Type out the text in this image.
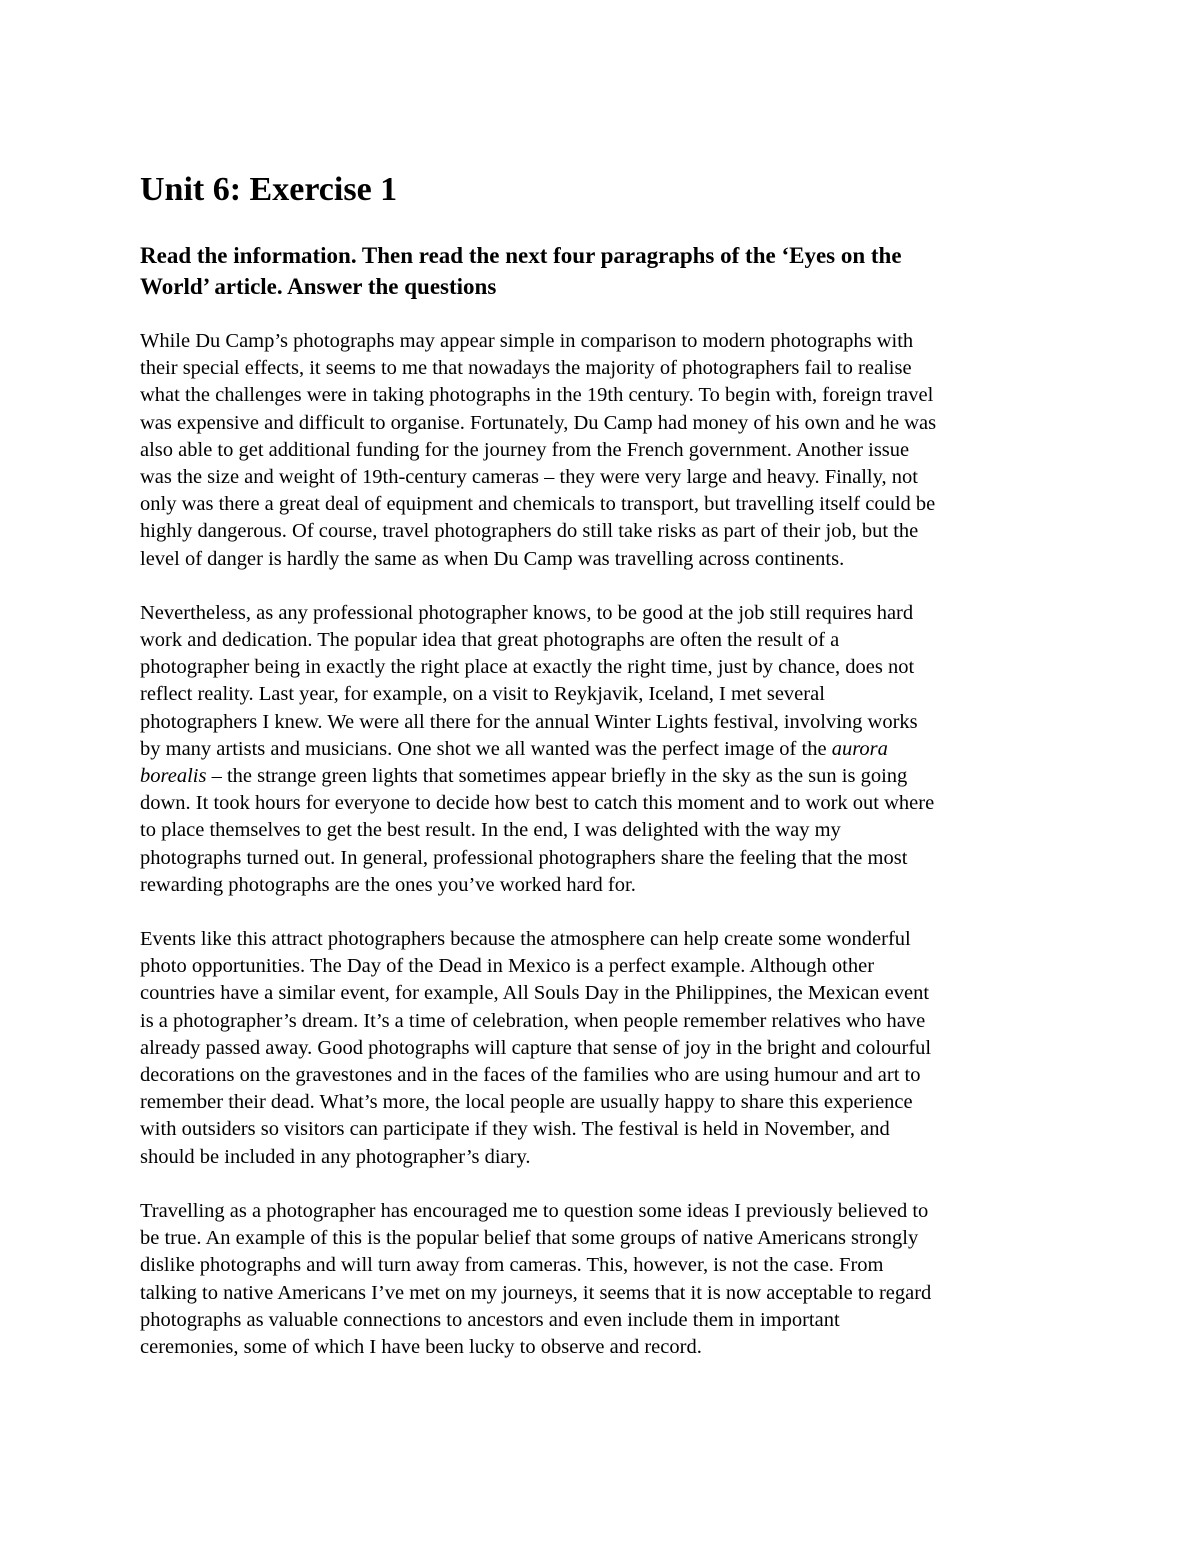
Unit 6: Exercise 1

Read the information. Then read the next four paragraphs of the ‘Eyes on the
World’ article. Answer the questions

While Du Camp’s photographs may appear simple in comparison to modern photographs with
their special effects, it seems to me that nowadays the majority of photographers fail to realise
what the challenges were in taking photographs in the 19th century. To begin with, foreign travel
was expensive and difficult to organise. Fortunately, Du Camp had money of his own and he was
also able to get additional funding for the journey from the French government. Another issue
was the size and weight of 19th-century cameras – they were very large and heavy. Finally, not
only was there a great deal of equipment and chemicals to transport, but travelling itself could be
highly dangerous. Of course, travel photographers do still take risks as part of their job, but the
level of danger is hardly the same as when Du Camp was travelling across continents.

Nevertheless, as any professional photographer knows, to be good at the job still requires hard
work and dedication. The popular idea that great photographs are often the result of a
photographer being in exactly the right place at exactly the right time, just by chance, does not
reflect reality. Last year, for example, on a visit to Reykjavik, Iceland, I met several
photographers I knew. We were all there for the annual Winter Lights festival, involving works
by many artists and musicians. One shot we all wanted was the perfect image of the aurora
borealis – the strange green lights that sometimes appear briefly in the sky as the sun is going
down. It took hours for everyone to decide how best to catch this moment and to work out where
to place themselves to get the best result. In the end, I was delighted with the way my
photographs turned out. In general, professional photographers share the feeling that the most
rewarding photographs are the ones you’ve worked hard for.

Events like this attract photographers because the atmosphere can help create some wonderful
photo opportunities. The Day of the Dead in Mexico is a perfect example. Although other
countries have a similar event, for example, All Souls Day in the Philippines, the Mexican event
is a photographer’s dream. It’s a time of celebration, when people remember relatives who have
already passed away. Good photographs will capture that sense of joy in the bright and colourful
decorations on the gravestones and in the faces of the families who are using humour and art to
remember their dead. What’s more, the local people are usually happy to share this experience
with outsiders so visitors can participate if they wish. The festival is held in November, and
should be included in any photographer’s diary.

Travelling as a photographer has encouraged me to question some ideas I previously believed to
be true. An example of this is the popular belief that some groups of native Americans strongly
dislike photographs and will turn away from cameras. This, however, is not the case. From
talking to native Americans I’ve met on my journeys, it seems that it is now acceptable to regard
photographs as valuable connections to ancestors and even include them in important
ceremonies, some of which I have been lucky to observe and record.
